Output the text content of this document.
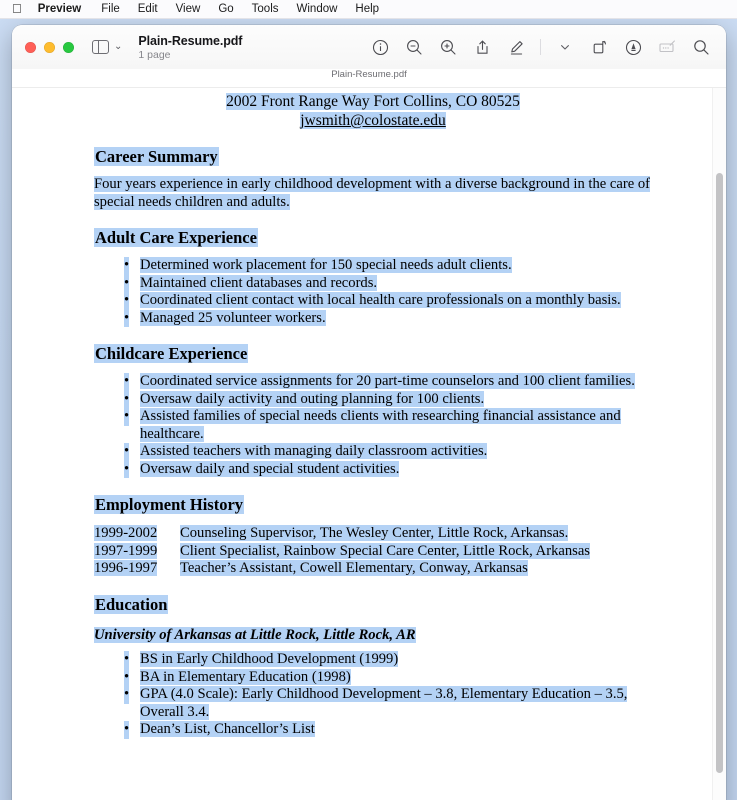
Preview File Edit View Go Tools Window Help
⌄ Plain-Resume.pdf
1 page
Plain-Resume.pdf
2002 Front Range Way Fort Collins, CO 80525
jwsmith@colostate.edu
Career Summary

Four years experience in early childhood development with a diverse background in the care of special needs children and adults.

Adult Care Experience
• Determined work placement for 150 special needs adult clients.
• Maintained client databases and records.
• Coordinated client contact with local health care professionals on a monthly basis.
• Managed 25 volunteer workers.
Childcare Experience
• Coordinated service assignments for 20 part-time counselors and 100 client families.
• Oversaw daily activity and outing planning for 100 clients.
• Assisted families of special needs clients with researching financial assistance and healthcare.
• Assisted teachers with managing daily classroom activities.
• Oversaw daily and special student activities.
Employment History
1999-2002	Counseling Supervisor, The Wesley Center, Little Rock, Arkansas.
1997-1999	Client Specialist, Rainbow Special Care Center, Little Rock, Arkansas
1996-1997	Teacher’s Assistant, Cowell Elementary, Conway, Arkansas
Education

University of Arkansas at Little Rock, Little Rock, AR

• BS in Early Childhood Development (1999)
• BA in Elementary Education (1998)
• GPA (4.0 Scale): Early Childhood Development – 3.8, Elementary Education – 3.5, Overall 3.4.
• Dean’s List, Chancellor’s List
